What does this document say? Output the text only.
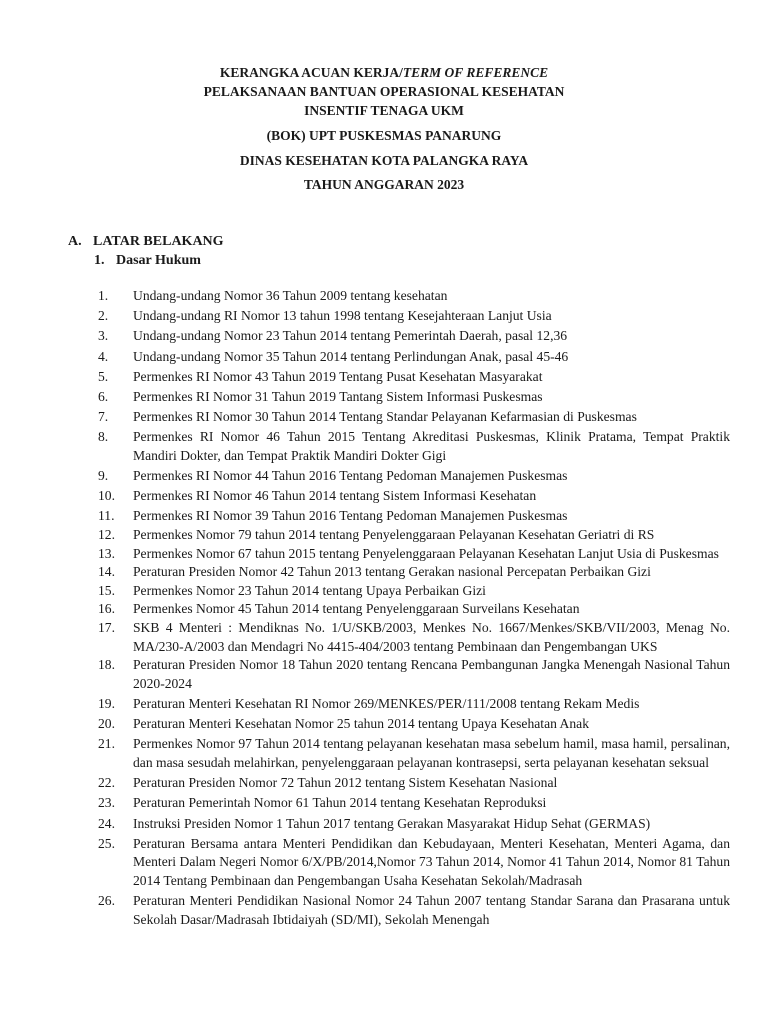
KERANGKA ACUAN KERJA/ TERM OF REFERENCE
PELAKSANAAN BANTUAN OPERASIONAL KESEHATAN
INSENTIF TENAGA UKM
(BOK) UPT PUSKESMAS PANARUNG
DINAS KESEHATAN KOTA PALANGKA RAYA
TAHUN ANGGARAN 2023
A. LATAR BELAKANG
1. Dasar Hukum
1.	Undang-undang Nomor 36 Tahun 2009 tentang kesehatan
2.	Undang-undang RI Nomor 13 tahun 1998 tentang Kesejahteraan Lanjut Usia
3.	Undang-undang Nomor 23 Tahun 2014 tentang Pemerintah Daerah, pasal 12,36
4.	Undang-undang Nomor 35 Tahun 2014 tentang Perlindungan Anak, pasal 45-46
5.	Permenkes RI Nomor 43 Tahun 2019 Tentang Pusat Kesehatan Masyarakat
6.	Permenkes RI Nomor 31 Tahun 2019 Tantang Sistem Informasi Puskesmas
7.	Permenkes RI Nomor 30 Tahun 2014 Tentang Standar Pelayanan Kefarmasian di Puskesmas
8.	Permenkes RI Nomor 46 Tahun 2015 Tentang Akreditasi Puskesmas, Klinik Pratama, Tempat Praktik Mandiri Dokter, dan Tempat Praktik Mandiri Dokter Gigi
9.	Permenkes RI Nomor 44 Tahun 2016 Tentang Pedoman Manajemen Puskesmas
10.	Permenkes RI Nomor 46 Tahun 2014 tentang Sistem Informasi Kesehatan
11.	Permenkes RI Nomor 39 Tahun 2016 Tentang Pedoman Manajemen Puskesmas
12.	Permenkes Nomor 79 tahun 2014 tentang Penyelenggaraan Pelayanan Kesehatan Geriatri di RS
13.	Permenkes Nomor 67 tahun 2015 tentang Penyelenggaraan Pelayanan Kesehatan Lanjut Usia di Puskesmas
14.	Peraturan Presiden Nomor 42 Tahun 2013 tentang Gerakan nasional Percepatan Perbaikan Gizi
15.	Permenkes Nomor 23 Tahun 2014 tentang Upaya Perbaikan Gizi
16.	Permenkes Nomor 45 Tahun 2014 tentang Penyelenggaraan Surveilans Kesehatan
17.	SKB 4 Menteri : Mendiknas No. 1/U/SKB/2003, Menkes No. 1667/Menkes/SKB/VII/2003, Menag No. MA/230-A/2003 dan Mendagri No 4415-404/2003 tentang Pembinaan dan Pengembangan UKS
18.	Peraturan Presiden Nomor 18 Tahun 2020 tentang Rencana Pembangunan Jangka Menengah Nasional Tahun 2020-2024
19.	Peraturan Menteri Kesehatan RI Nomor 269/MENKES/PER/111/2008 tentang Rekam Medis
20.	Peraturan Menteri Kesehatan Nomor 25 tahun 2014 tentang Upaya Kesehatan Anak
21.	Permenkes Nomor 97 Tahun 2014 tentang pelayanan kesehatan masa sebelum hamil, masa hamil, persalinan, dan masa sesudah melahirkan, penyelenggaraan pelayanan kontrasepsi, serta pelayanan kesehatan seksual
22.	Peraturan Presiden Nomor 72 Tahun 2012 tentang Sistem Kesehatan Nasional
23.	Peraturan Pemerintah Nomor 61 Tahun 2014 tentang Kesehatan Reproduksi
24.	Instruksi Presiden Nomor 1 Tahun 2017 tentang Gerakan Masyarakat Hidup Sehat (GERMAS)
25.	Peraturan Bersama antara Menteri Pendidikan dan Kebudayaan, Menteri Kesehatan, Menteri Agama, dan Menteri Dalam Negeri Nomor 6/X/PB/2014,Nomor 73 Tahun 2014, Nomor 41 Tahun 2014, Nomor 81 Tahun 2014 Tentang Pembinaan dan Pengembangan Usaha Kesehatan Sekolah/Madrasah
26.	Peraturan Menteri Pendidikan Nasional Nomor 24 Tahun 2007 tentang Standar Sarana dan Prasarana untuk Sekolah Dasar/Madrasah Ibtidaiyah (SD/MI), Sekolah Menengah
